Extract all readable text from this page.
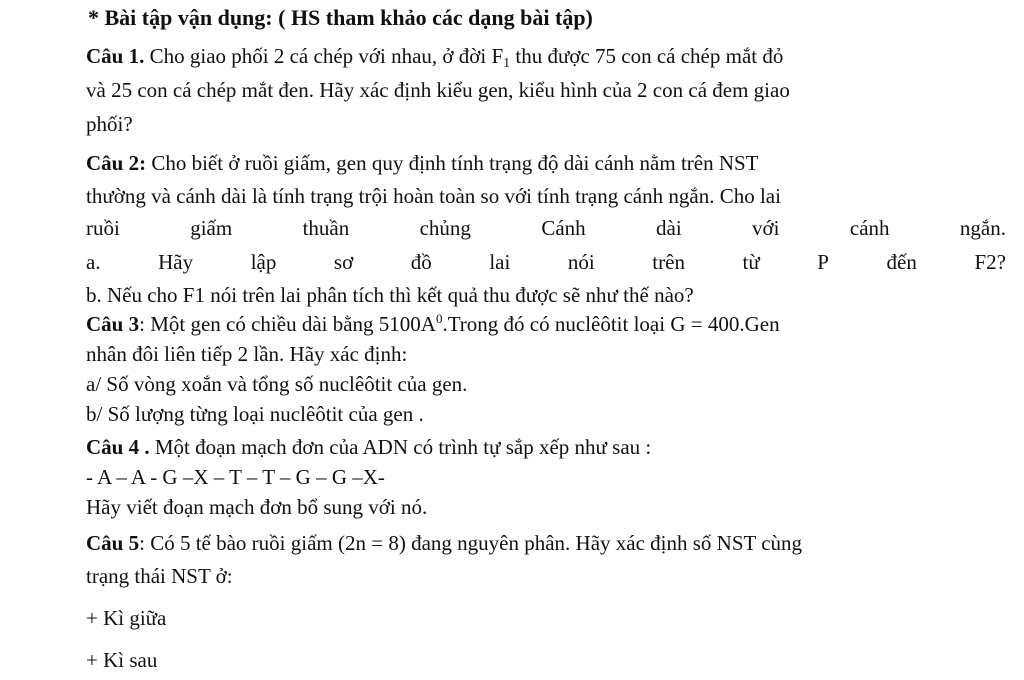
* Bài tập vận dụng: ( HS tham khảo các dạng bài tập)
Câu 1. Cho giao phối 2 cá chép với nhau, ở đời $F_1$ thu được 75 con cá chép mắt đỏ
và 25 con cá chép mắt đen. Hãy xác định kiểu gen, kiểu hình của 2 con cá đem giao
phối?
Câu 2: Cho biết ở ruồi giấm, gen quy định tính trạng độ dài cánh nằm trên NST
thường và cánh dài là tính trạng trội hoàn toàn so với tính trạng cánh ngắn. Cho lai
ruồi	giấm	thuần	chủng	Cánh	dài	với	cánh	ngắn.
a.	Hãy	lập	sơ	đồ	lai	nói	trên	từ	P	đến	F2?
b. Nếu cho F1 nói trên lai phân tích thì kết quả thu được sẽ như thế nào?
Câu 3: Một gen có chiều dài bằng $5100A^0.Trong$ đó có nuclêôtit loại G = 400.Gen
nhân đôi liên tiếp 2 lần. Hãy xác định:
a/ Số vòng xoắn và tổng số nuclêôtit của gen.
b/ Số lượng từng loại nuclêôtit của gen .
Câu 4 . Một đoạn mạch đơn của ADN có trình tự sắp xếp như sau :
- A – A - G –X – T – T – G – G –X-
Hãy viết đoạn mạch đơn bổ sung với nó.
Câu 5: Có 5 tế bào ruồi giấm (2n = 8) đang nguyên phân. Hãy xác định số NST cùng
trạng thái NST ở:
+ Kì giữa
+ Kì sau
